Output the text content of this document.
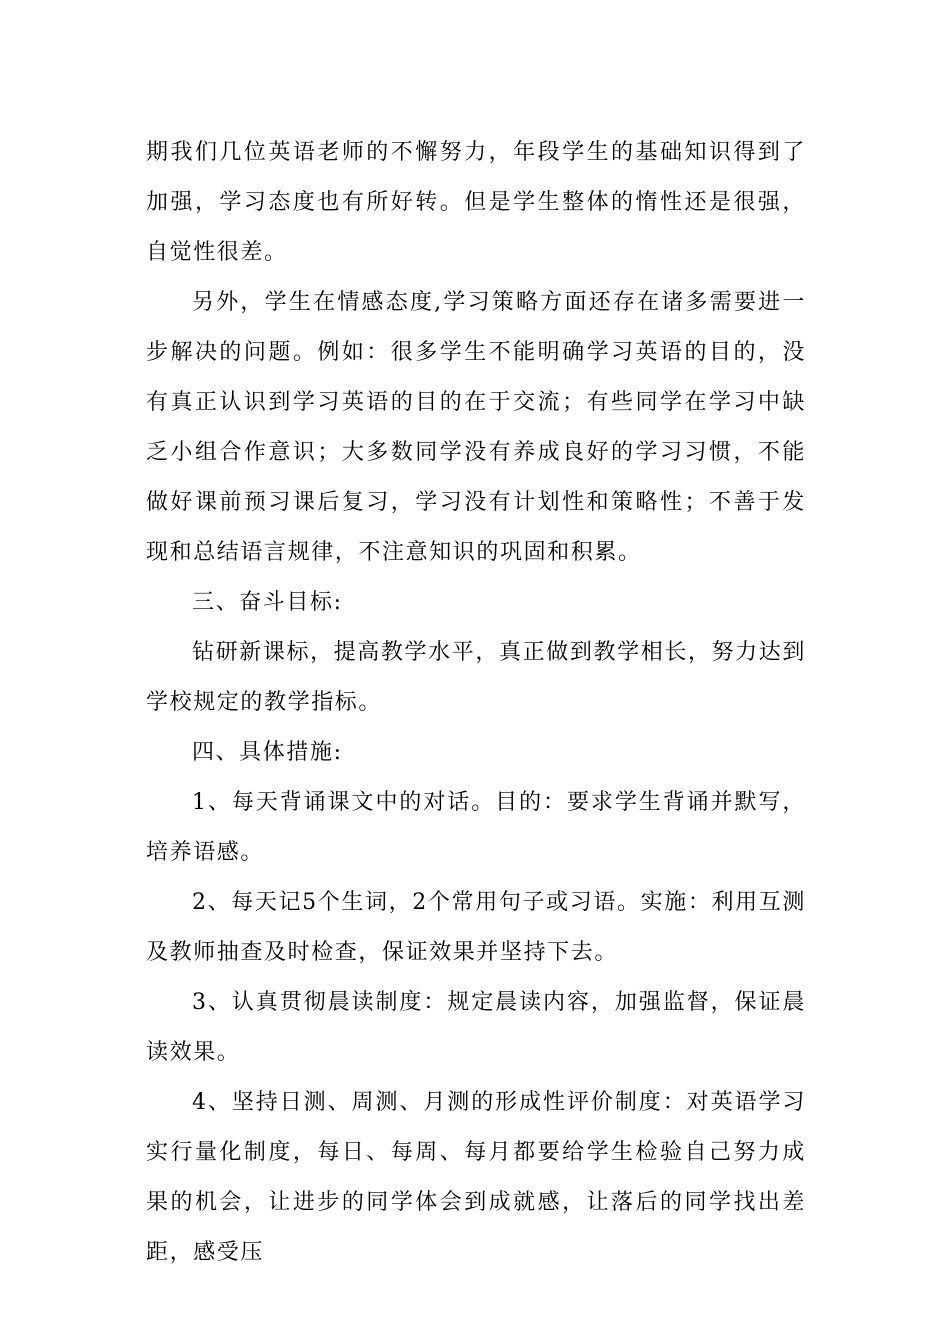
期我们几位英语老师的不懈努力，年段学生的基础知识得到了加强，学习态度也有所好转。但是学生整体的惰性还是很强，自觉性很差。

另外，学生在情感态度,学习策略方面还存在诸多需要进一步解决的问题。例如：很多学生不能明确学习英语的目的，没有真正认识到学习英语的目的在于交流；有些同学在学习中缺乏小组合作意识；大多数同学没有养成良好的学习习惯，不能做好课前预习课后复习，学习没有计划性和策略性；不善于发现和总结语言规律，不注意知识的巩固和积累。

三、奋斗目标:

钻研新课标，提高教学水平，真正做到教学相长，努力达到学校规定的教学指标。

四、具体措施:

1、每天背诵课文中的对话。目的：要求学生背诵并默写，培养语感。

2、每天记5个生词，2个常用句子或习语。实施：利用互测及教师抽查及时检查，保证效果并坚持下去。

3、认真贯彻晨读制度：规定晨读内容，加强监督，保证晨读效果。

4、坚持日测、周测、月测的形成性评价制度：对英语学习实行量化制度，每日、每周、每月都要给学生检验自己努力成果的机会，让进步的同学体会到成就感，让落后的同学找出差距，感受压
